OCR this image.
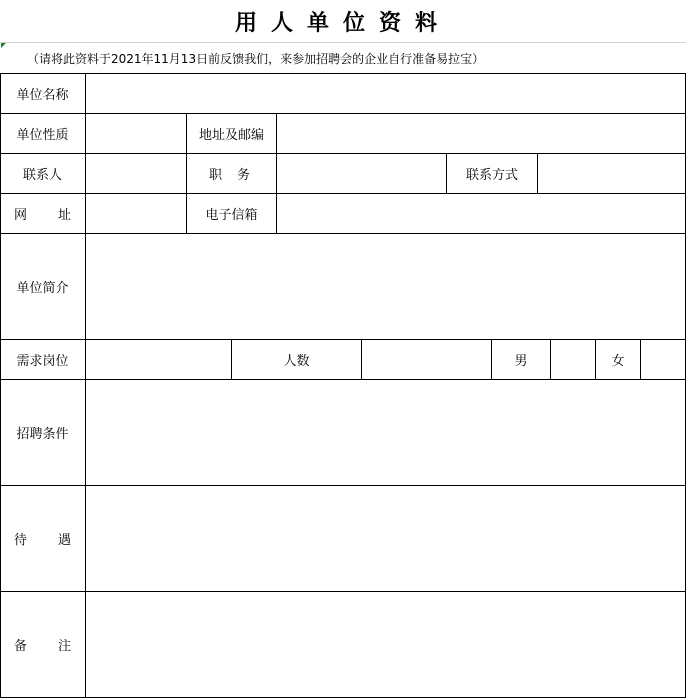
用人单位资料
（请将此资料于2021年11月13日前反馈我们，来参加招聘会的企业自行准备易拉宝）
单位名称
单位性质	地址及邮编
联系人	职 务	联系方式
网 址	电子信箱
单位简介
需求岗位	人数	男	女
招聘条件
待 遇
备 注
